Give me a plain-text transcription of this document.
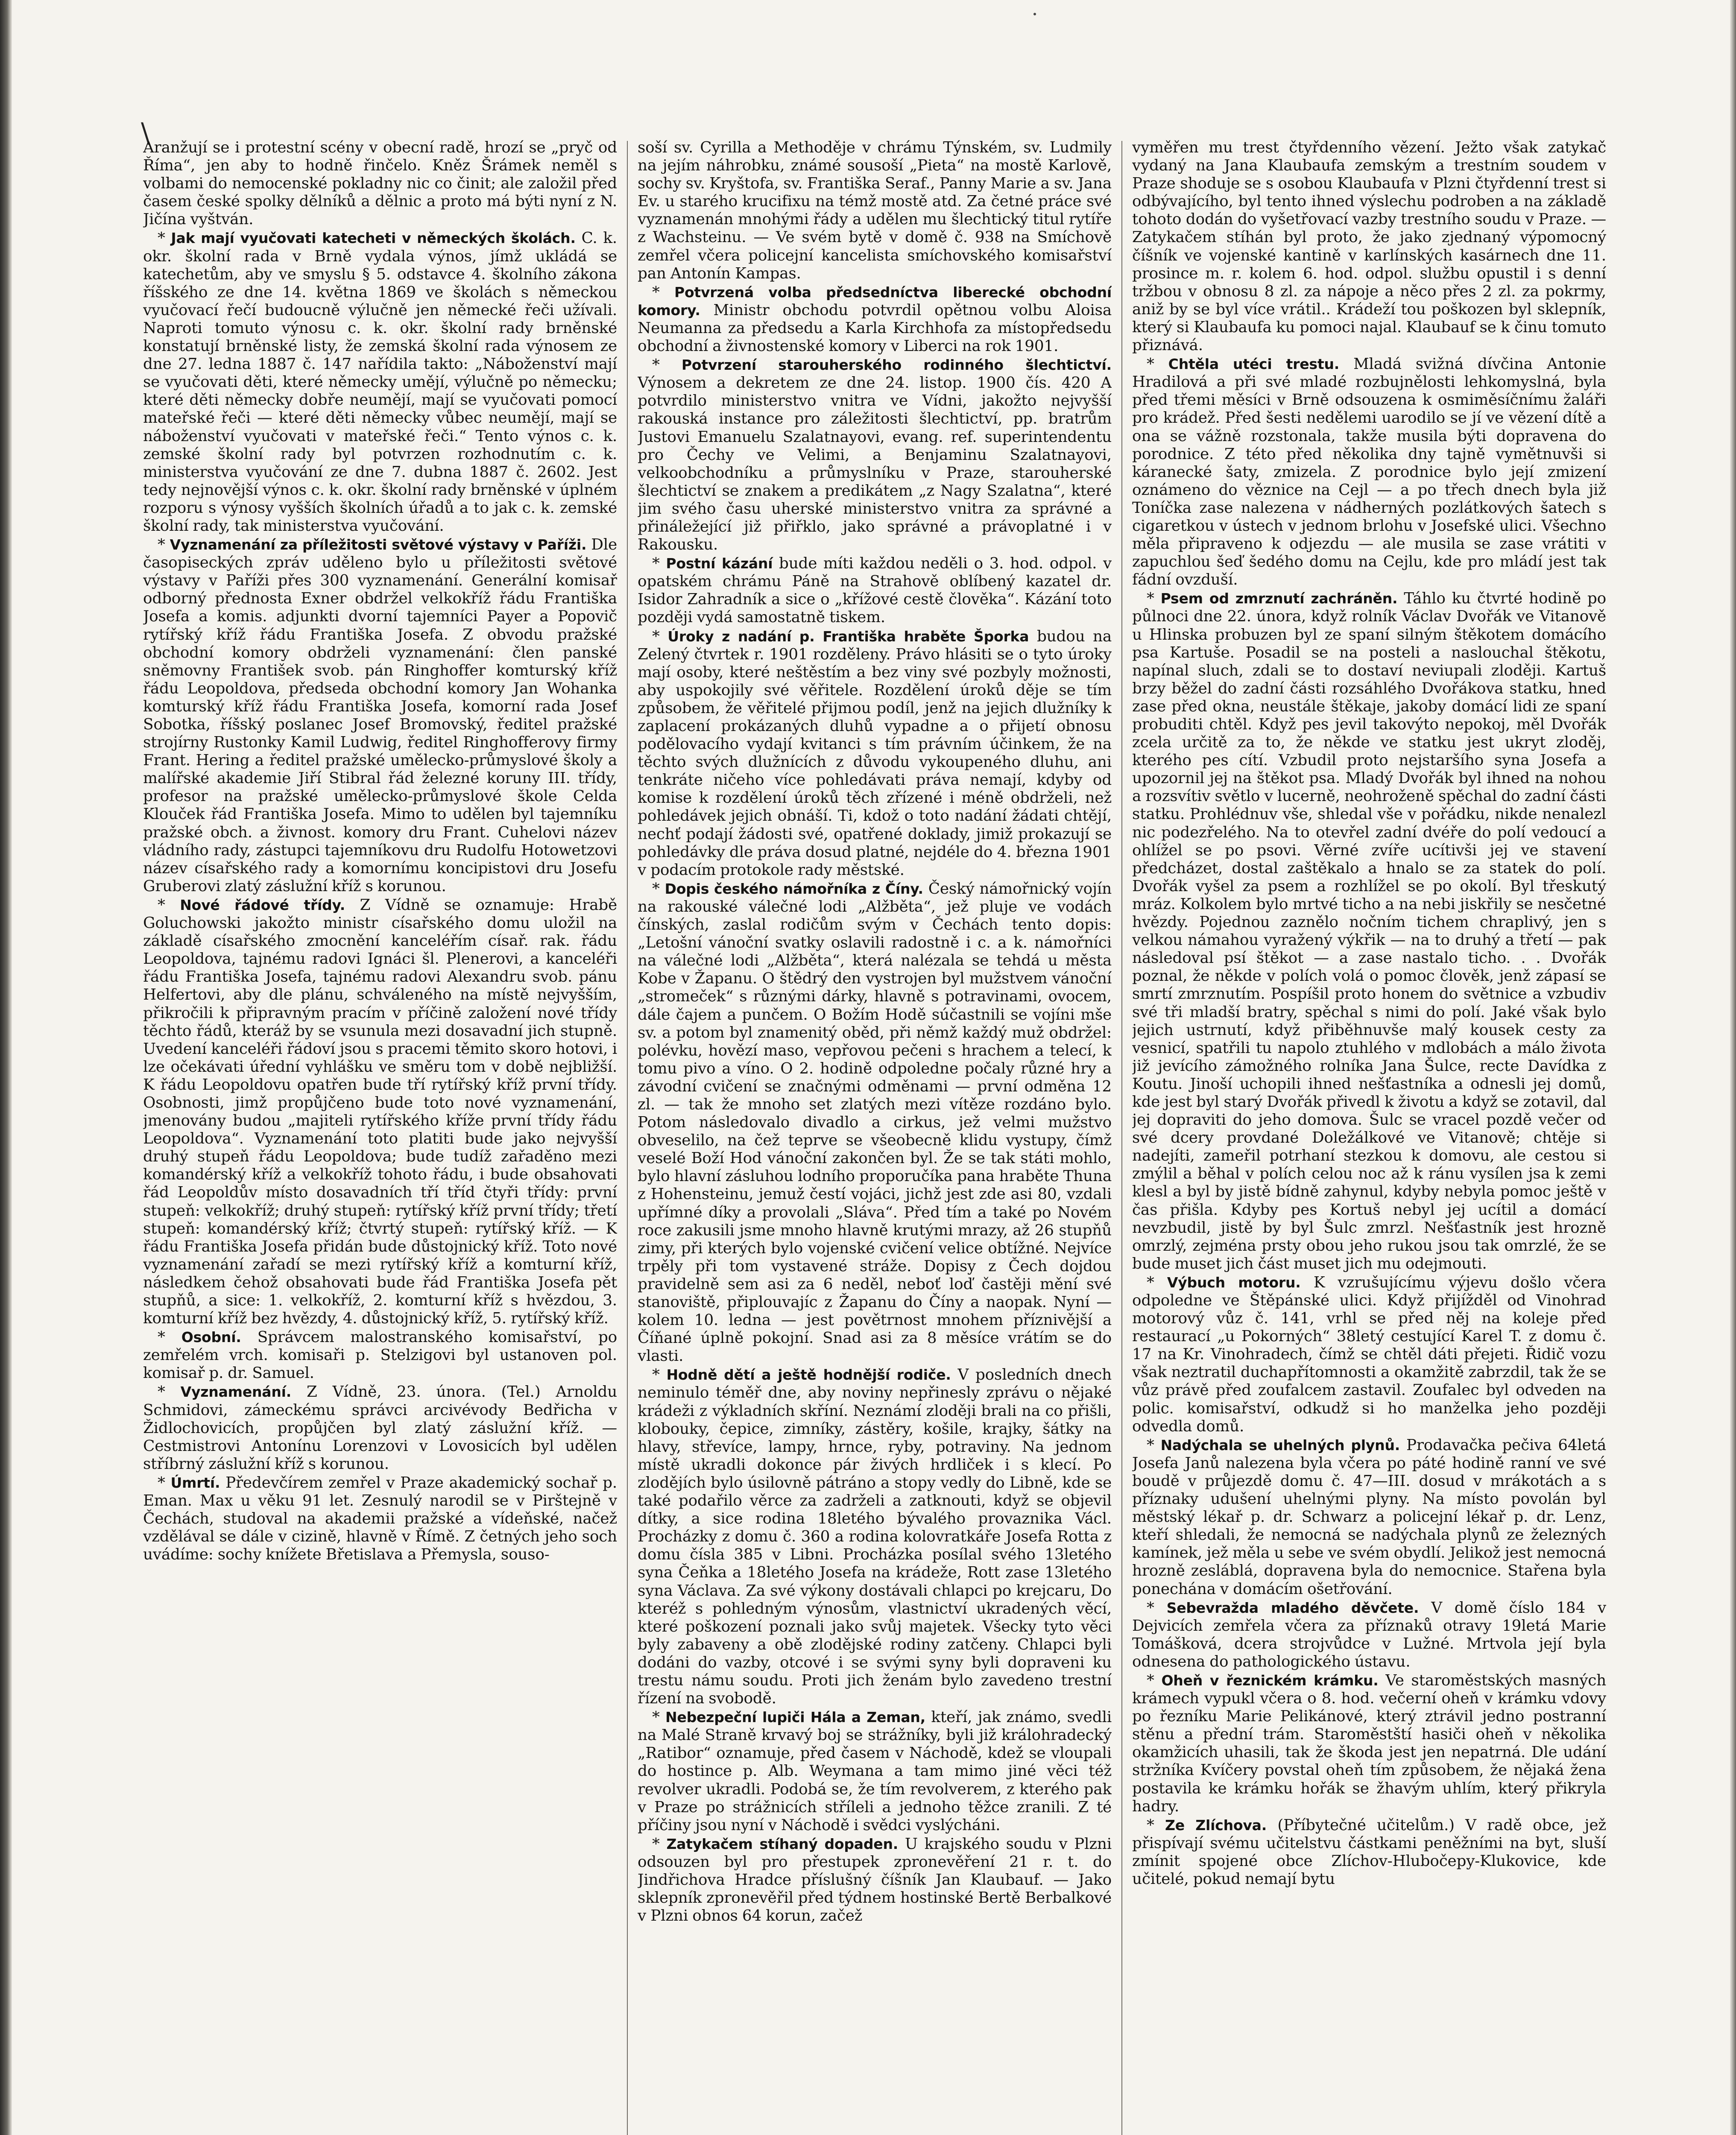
\

Aranžují se i protestní scény v obecní radě, hrozí se „pryč od Říma“, jen aby to hodně řinčelo. Kněz Šrámek neměl s volbami do nemocenské pokladny nic co činit; ale založil před časem české spolky dělníků a dělnic a proto má býti nyní z N. Jičína vyštván.

* Jak mají vyučovati katecheti v německých školách. C. k. okr. školní rada v Brně vydala výnos, jímž ukládá se katechetům, aby ve smyslu § 5. odstavce 4. školního zákona říšského ze dne 14. května 1869 ve školách s německou vyučovací řečí budoucně výlučně jen německé řeči užívali. Naproti tomuto výnosu c. k. okr. školní rady brněnské konstatují brněnské listy, že zemská školní rada výnosem ze dne 27. ledna 1887 č. 147 nařídila takto: „Náboženství mají se vyučovati děti, které německy umějí, výlučně po německu; které děti německy dobře neumějí, mají se vyučovati pomocí mateřské řeči — které děti německy vůbec neumějí, mají se náboženství vyučovati v mateřské řeči.“ Tento výnos c. k. zemské školní rady byl potvrzen rozhodnutím c. k. ministerstva vyučování ze dne 7. dubna 1887 č. 2602. Jest tedy nejnovější výnos c. k. okr. školní rady brněnské v úplném rozporu s výnosy vyšších školních úřadů a to jak c. k. zemské školní rady, tak ministerstva vyučování.

* Vyznamenání za příležitosti světové výstavy v Paříži. Dle časopiseckých zpráv uděleno bylo u příležitosti světové výstavy v Paříži přes 300 vyznamenání. Generální komisař odborný přednosta Exner obdržel velkokříž řádu Františka Josefa a komis. adjunkti dvorní tajemníci Payer a Popovič rytířský kříž řádu Františka Josefa. Z obvodu pražské obchodní komory obdrželi vyznamenání: člen panské sněmovny František svob. pán Ringhoffer komturský kříž řádu Leopoldova, předseda obchodní komory Jan Wohanka komturský kříž řádu Františka Josefa, komorní rada Josef Sobotka, říšský poslanec Josef Bromovský, ředitel pražské strojírny Rustonky Kamil Ludwig, ředitel Ringhofferovy firmy Frant. Hering a ředitel pražské umělecko-průmyslové školy a malířské akademie Jiří Stibral řád železné koruny III. třídy, profesor na pražské umělecko-průmyslové škole Celda Klouček řád Františka Josefa. Mimo to udělen byl tajemníku pražské obch. a živnost. komory dru Frant. Cuhelovi název vládního rady, zástupci tajemníkovu dru Rudolfu Hotowetzovi název císařského rady a komornímu koncipistovi dru Josefu Gruberovi zlatý záslužní kříž s korunou.

* Nové řádové třídy. Z Vídně se oznamuje: Hrabě Goluchowski jakožto ministr císařského domu uložil na základě císařského zmocnění kanceléřím císař. rak. řádu Leopoldova, tajnému radovi Ignáci šl. Plenerovi, a kanceléři řádu Františka Josefa, tajnému radovi Alexandru svob. pánu Helfertovi, aby dle plánu, schváleného na místě nejvyšším, přikročili k připravným pracím v příčině založení nové třídy těchto řádů, kteráž by se vsunula mezi dosavadní jich stupně. Uvedení kanceléři řádoví jsou s pracemi těmito skoro hotovi, i lze očekávati úřední vyhlášku ve směru tom v době nejbližší. K řádu Leopoldovu opatřen bude tří rytířský kříž první třídy. Osobnosti, jimž propůjčeno bude toto nové vyznamenání, jmenovány budou „majiteli rytířského kříže první třídy řádu Leopoldova“. Vyznamenání toto platiti bude jako nejvyšší druhý stupeň řádu Leopoldova; bude tudíž zařaděno mezi komandérský kříž a velkokříž tohoto řádu, i bude obsahovati řád Leopoldův místo dosavadních tří tříd čtyři třídy: první stupeň: velkokříž; druhý stupeň: rytířský kříž první třídy; třetí stupeň: komandérský kříž; čtvrtý stupeň: rytířský kříž. — K řádu Františka Josefa přidán bude důstojnický kříž. Toto nové vyznamenání zařadí se mezi rytířský kříž a komturní kříž, následkem čehož obsahovati bude řád Františka Josefa pět stupňů, a sice: 1. velkokříž, 2. komturní kříž s hvězdou, 3. komturní kříž bez hvězdy, 4. důstojnický kříž, 5. rytířský kříž.

* Osobní. Správcem malostranského komisařství, po zemřelém vrch. komisaři p. Stelzigovi byl ustanoven pol. komisař p. dr. Samuel.

* Vyznamenání. Z Vídně, 23. února. (Tel.) Arnoldu Schmidovi, zámeckému správci arcivévody Bedřicha v Židlochovicích, propůjčen byl zlatý záslužní kříž. — Cestmistrovi Antonínu Lorenzovi v Lovosicích byl udělen stříbrný záslužní kříž s korunou.

* Úmrtí. Předevčírem zemřel v Praze akademický sochař p. Eman. Max u věku 91 let. Zesnulý narodil se v Pirštejně v Čechách, studoval na akademii pražské a vídeňské, načež vzdělával se dále v cizině, hlavně v Římě. Z četných jeho soch uvádíme: sochy knížete Břetislava a Přemysla, souso-

soší sv. Cyrilla a Methoděje v chrámu Týnském, sv. Ludmily na jejím náhrobku, známé sousoší „Pieta“ na mostě Karlově, sochy sv. Kryštofa, sv. Františka Seraf., Panny Marie a sv. Jana Ev. u starého krucifixu na témž mostě atd. Za četné práce své vyznamenán mnohými řády a udělen mu šlechtický titul rytíře z Wachsteinu. — Ve svém bytě v domě č. 938 na Smíchově zemřel včera policejní kancelista smíchovského komisařství pan Antonín Kampas.

* Potvrzená volba předsedníctva liberecké obchodní komory. Ministr obchodu potvrdil opětnou volbu Aloisa Neumanna za předsedu a Karla Kirchhofa za místopředsedu obchodní a živnostenské komory v Liberci na rok 1901.

* Potvrzení starouherského rodinného šlechtictví. Výnosem a dekretem ze dne 24. listop. 1900 čís. 420 A potvrdilo ministerstvo vnitra ve Vídni, jakožto nejvyšší rakouská instance pro záležitosti šlechtictví, pp. bratrům Justovi Emanuelu Szalatnayovi, evang. ref. superintendentu pro Čechy ve Velimi, a Benjaminu Szalatnayovi, velkoobchodníku a průmyslníku v Praze, starouherské šlechtictví se znakem a predikátem „z Nagy Szalatna“, které jim svého času uherské ministerstvo vnitra za správné a přináležející již přiřklo, jako správné a právoplatné i v Rakousku.

* Postní kázání bude míti každou neděli o 3. hod. odpol. v opatském chrámu Páně na Strahově oblíbený kazatel dr. Isidor Zahradník a sice o „křížové cestě člověka“. Kázání toto později vydá samostatně tiskem.

* Úroky z nadání p. Františka hraběte Šporka budou na Zelený čtvrtek r. 1901 rozděleny. Právo hlásiti se o tyto úroky mají osoby, které neštěstím a bez viny své pozbyly možnosti, aby uspokojily své věřitele. Rozdělení úroků děje se tím způsobem, že věřitelé přijmou podíl, jenž na jejich dlužníky k zaplacení prokázaných dluhů vypadne a o přijetí obnosu podělovacího vydají kvitanci s tím právním účinkem, že na těchto svých dlužnících z důvodu vykoupeného dluhu, ani tenkráte ničeho více pohledávati práva nemají, kdyby od komise k rozdělení úroků těch zřízené i méně obdrželi, než pohledávek jejich obnáší. Ti, kdož o toto nadání žádati chtějí, nechť podají žádosti své, opatřené doklady, jimiž prokazují se pohledávky dle práva dosud platné, nejdéle do 4. března 1901 v podacím protokole rady městské.

* Dopis českého námořníka z Číny. Český námořnický vojín na rakouské válečné lodi „Alžběta“, jež pluje ve vodách čínských, zaslal rodičům svým v Čechách tento dopis: „Letošní vánoční svatky oslavili radostně i c. a k. námořníci na válečné lodi „Alžběta“, která nalézala se tehdá u města Kobe v Žapanu. O štědrý den vystrojen byl mužstvem vánoční „stromeček“ s různými dárky, hlavně s potravinami, ovocem, dále čajem a punčem. O Božím Hodě súčastnili se vojíni mše sv. a potom byl znamenitý oběd, při němž každý muž obdržel: polévku, hovězí maso, vepřovou pečeni s hrachem a telecí, k tomu pivo a víno. O 2. hodině odpoledne počaly různé hry a závodní cvičení se značnými odměnami — první odměna 12 zl. — tak že mnoho set zlatých mezi vítěze rozdáno bylo. Potom následovalo divadlo a cirkus, jež velmi mužstvo obveselilo, na čež teprve se všeobecně klidu vystupy, čímž veselé Boží Hod vánoční zakončen byl. Že se tak státi mohlo, bylo hlavní zásluhou lodního proporučíka pana hraběte Thuna z Hohensteinu, jemuž čestí vojáci, jichž jest zde asi 80, vzdali upřímné díky a provolali „Sláva“. Před tím a také po Novém roce zakusili jsme mnoho hlavně krutými mrazy, až 26 stupňů zimy, při kterých bylo vojenské cvičení velice obtížné. Nejvíce trpěly při tom vystavené stráže. Dopisy z Čech dojdou pravidelně sem asi za 6 neděl, neboť loď častěji mění své stanoviště, připlouvajíc z Žapanu do Číny a naopak. Nyní — kolem 10. ledna — jest povětrnost mnohem příznivější a Číňané úplně pokojní. Snad asi za 8 měsíce vrátím se do vlasti.

* Hodně dětí a ještě hodnější rodiče. V posledních dnech neminulo téměř dne, aby noviny nepřinesly zprávu o nějaké krádeži z výkladních skříní. Neznámí zloději brali na co přišli, klobouky, čepice, zimníky, zástěry, košile, krajky, šátky na hlavy, střevíce, lampy, hrnce, ryby, potraviny. Na jednom místě ukradli dokonce pár živých hrdliček i s klecí. Po zlodějích bylo úsilovně pátráno a stopy vedly do Libně, kde se také podařilo věrce za zadrželi a zatknouti, když se objevil dítky, a sice rodina 18letého bývalého provaznika Václ. Procházky z domu č. 360 a rodina kolovratkáře Josefa Rotta z domu čísla 385 v Libni. Procházka posílal svého 13letého syna Čeňka a 18letého Josefa na krádeže, Rott zase 13letého syna Václava. Za své výkony dostávali chlapci po krejcaru, Do kteréž s pohledným výnosům, vlastnictví ukradených věcí, které poškození poznali jako svůj majetek. Všecky tyto věci byly zabaveny a obě zlodějské rodiny zatčeny. Chlapci byli dodáni do vazby, otcové i se svými syny byli dopraveni ku trestu námu soudu. Proti jich ženám bylo zavedeno trestní řízení na svobodě.

* Nebezpeční lupiči Hála a Zeman, kteří, jak známo, svedli na Malé Straně krvavý boj se strážníky, byli již králohradecký „Ratibor“ oznamuje, před časem v Náchodě, kdež se vloupali do hostince p. Alb. Weymana a tam mimo jiné věci též revolver ukradli. Podobá se, že tím revolverem, z kterého pak v Praze po strážnicích stříleli a jednoho těžce zranili. Z té příčiny jsou nyní v Náchodě i svědci vyslýcháni.

* Zatykačem stíhaný dopaden. U krajského soudu v Plzni odsouzen byl pro přestupek zpronevěření 21 r. t. do Jindřichova Hradce příslušný číšník Jan Klaubauf. — Jako sklepník zpronevěřil před týdnem hostinské Bertě Berbalkové v Plzni obnos 64 korun, začež

vyměřen mu trest čtyřdenního vězení. Ježto však zatykač vydaný na Jana Klaubaufa zemským a trestním soudem v Praze shoduje se s osobou Klaubaufa v Plzni čtyřdenní trest si odbývajícího, byl tento ihned výslechu podroben a na základě tohoto dodán do vyšetřovací vazby trestního soudu v Praze. — Zatykačem stíhán byl proto, že jako zjednaný výpomocný číšník ve vojenské kantině v karlínských kasárnech dne 11. prosince m. r. kolem 6. hod. odpol. službu opustil i s denní tržbou v obnosu 8 zl. za nápoje a něco přes 2 zl. za pokrmy, aniž by se byl více vrátil.. Krádeží tou poškozen byl sklepník, který si Klaubaufa ku pomoci najal. Klaubauf se k činu tomuto přiznává.

* Chtěla utéci trestu. Mladá svižná dívčina Antonie Hradilová a při své mladé rozbujnělosti lehkomyslná, byla před třemi měsíci v Brně odsouzena k osmiměsíčnímu žaláři pro krádež. Před šesti nedělemi uarodilo se jí ve vězení dítě a ona se vážně rozstonala, takže musila býti dopravena do porodnice. Z této před několika dny tajně vymětnuvši si káranecké šaty, zmizela. Z porodnice bylo její zmizení oznámeno do věznice na Cejl — a po třech dnech byla již Toníčka zase nalezena v nádherných pozlátkových šatech s cigaretkou v ústech v jednom brlohu v Josefské ulici. Všechno měla připraveno k odjezdu — ale musila se zase vrátiti v zapuchlou šeď šedého domu na Cejlu, kde pro mládí jest tak fádní ovzduší.

* Psem od zmrznutí zachráněn. Táhlo ku čtvrté hodině po půlnoci dne 22. února, když rolník Václav Dvořák ve Vitanově u Hlinska probuzen byl ze spaní silným štěkotem domácího psa Kartuše. Posadil se na posteli a naslouchal štěkotu, napínal sluch, zdali se to dostaví neviupali zloději. Kartuš brzy běžel do zadní části rozsáhlého Dvořákova statku, hned zase před okna, neustále štěkaje, jakoby domácí lidi ze spaní probuditi chtěl. Když pes jevil takovýto nepokoj, měl Dvořák zcela určitě za to, že někde ve statku jest ukryt zloděj, kterého pes cítí. Vzbudil proto nejstaršího syna Josefa a upozornil jej na štěkot psa. Mladý Dvořák byl ihned na nohou a rozsvítiv světlo v lucerně, neohroženě spěchal do zadní části statku. Prohlédnuv vše, shledal vše v pořádku, nikde nenalezl nic podezřelého. Na to otevřel zadní dvéře do polí vedoucí a ohlížel se po psovi. Věrné zvíře ucítivši jej ve stavení předcházet, dostal zaštěkalo a hnalo se za statek do polí. Dvořák vyšel za psem a rozhlížel se po okolí. Byl třeskutý mráz. Kolkolem bylo mrtvé ticho a na nebi jiskřily se nesčetné hvězdy. Pojednou zaznělo nočním tichem chraplivý, jen s velkou námahou vyražený výkřik — na to druhý a třetí — pak následoval psí štěkot — a zase nastalo ticho. . . Dvořák poznal, že někde v polích volá o pomoc člověk, jenž zápasí se smrtí zmrznutím. Pospíšil proto honem do světnice a vzbudiv své tři mladší bratry, spěchal s nimi do polí. Jaké však bylo jejich ustrnutí, když přiběhnuvše malý kousek cesty za vesnicí, spatřili tu napolo ztuhlého v mdlobách a málo života již jevícího zámožného rolníka Jana Šulce, recte Davídka z Koutu. Jinoší uchopili ihned nešťastníka a odnesli jej domů, kde jest byl starý Dvořák přivedl k životu a když se zotavil, dal jej dopraviti do jeho domova. Šulc se vracel pozdě večer od své dcery provdané Doležálkové ve Vitanově; chtěje si nadejíti, zameřil potrhaní stezkou k domovu, ale cestou si zmýlil a běhal v polích celou noc až k ránu vysílen jsa k zemi klesl a byl by jistě bídně zahynul, kdyby nebyla pomoc ještě v čas přišla. Kdyby pes Kortuš nebyl jej ucítil a domácí nevzbudil, jistě by byl Šulc zmrzl. Nešťastník jest hrozně omrzlý, zejména prsty obou jeho rukou jsou tak omrzlé, že se bude muset jich část muset jich mu odejmouti.

* Výbuch motoru. K vzrušujícímu výjevu došlo včera odpoledne ve Štěpánské ulici. Když přijížděl od Vinohrad motorový vůz č. 141, vrhl se před něj na koleje před restaurací „u Pokorných“ 38letý cestující Karel T. z domu č. 17 na Kr. Vinohradech, čímž se chtěl dáti přejeti. Řidič vozu však neztratil duchapřítomnosti a okamžitě zabrzdil, tak že se vůz právě před zoufalcem zastavil. Zoufalec byl odveden na polic. komisařství, odkudž si ho manželka jeho později odvedla domů.

* Nadýchala se uhelných plynů. Prodavačka pečiva 64letá Josefa Janů nalezena byla včera po páté hodině ranní ve své boudě v průjezdě domu č. 47—III. dosud v mrákotách a s příznaky udušení uhelnými plyny. Na místo povolán byl městský lékař p. dr. Schwarz a policejní lékař p. dr. Lenz, kteří shledali, že nemocná se nadýchala plynů ze železných kamínek, jež měla u sebe ve svém obydlí. Jelikož jest nemocná hrozně zesláblá, dopravena byla do nemocnice. Stařena byla ponechána v domácím ošetřování.

* Sebevražda mladého děvčete. V domě číslo 184 v Dejvicích zemřela včera za příznaků otravy 19letá Marie Tomášková, dcera strojvůdce v Lužné. Mrtvola její byla odnesena do pathologického ústavu.

* Oheň v řeznickém krámku. Ve staroměstských masných krámech vypukl včera o 8. hod. večerní oheň v krámku vdovy po řezníku Marie Pelikánové, který ztrávil jedno postranní stěnu a přední trám. Staroměstští hasiči oheň v několika okamžicích uhasili, tak že škoda jest jen nepatrná. Dle udání stržníka Kvíčery povstal oheň tím způsobem, že nějaká žena postavila ke krámku hořák se žhavým uhlím, který přikryla hadry.

* Ze Zlíchova. (Příbytečné učitelům.) V radě obce, jež přispívají svému učitelstvu částkami peněžními na byt, sluší zmínit spojené obce Zlíchov-Hlubočepy-Klukovice, kde učitelé, pokud nemají bytu
